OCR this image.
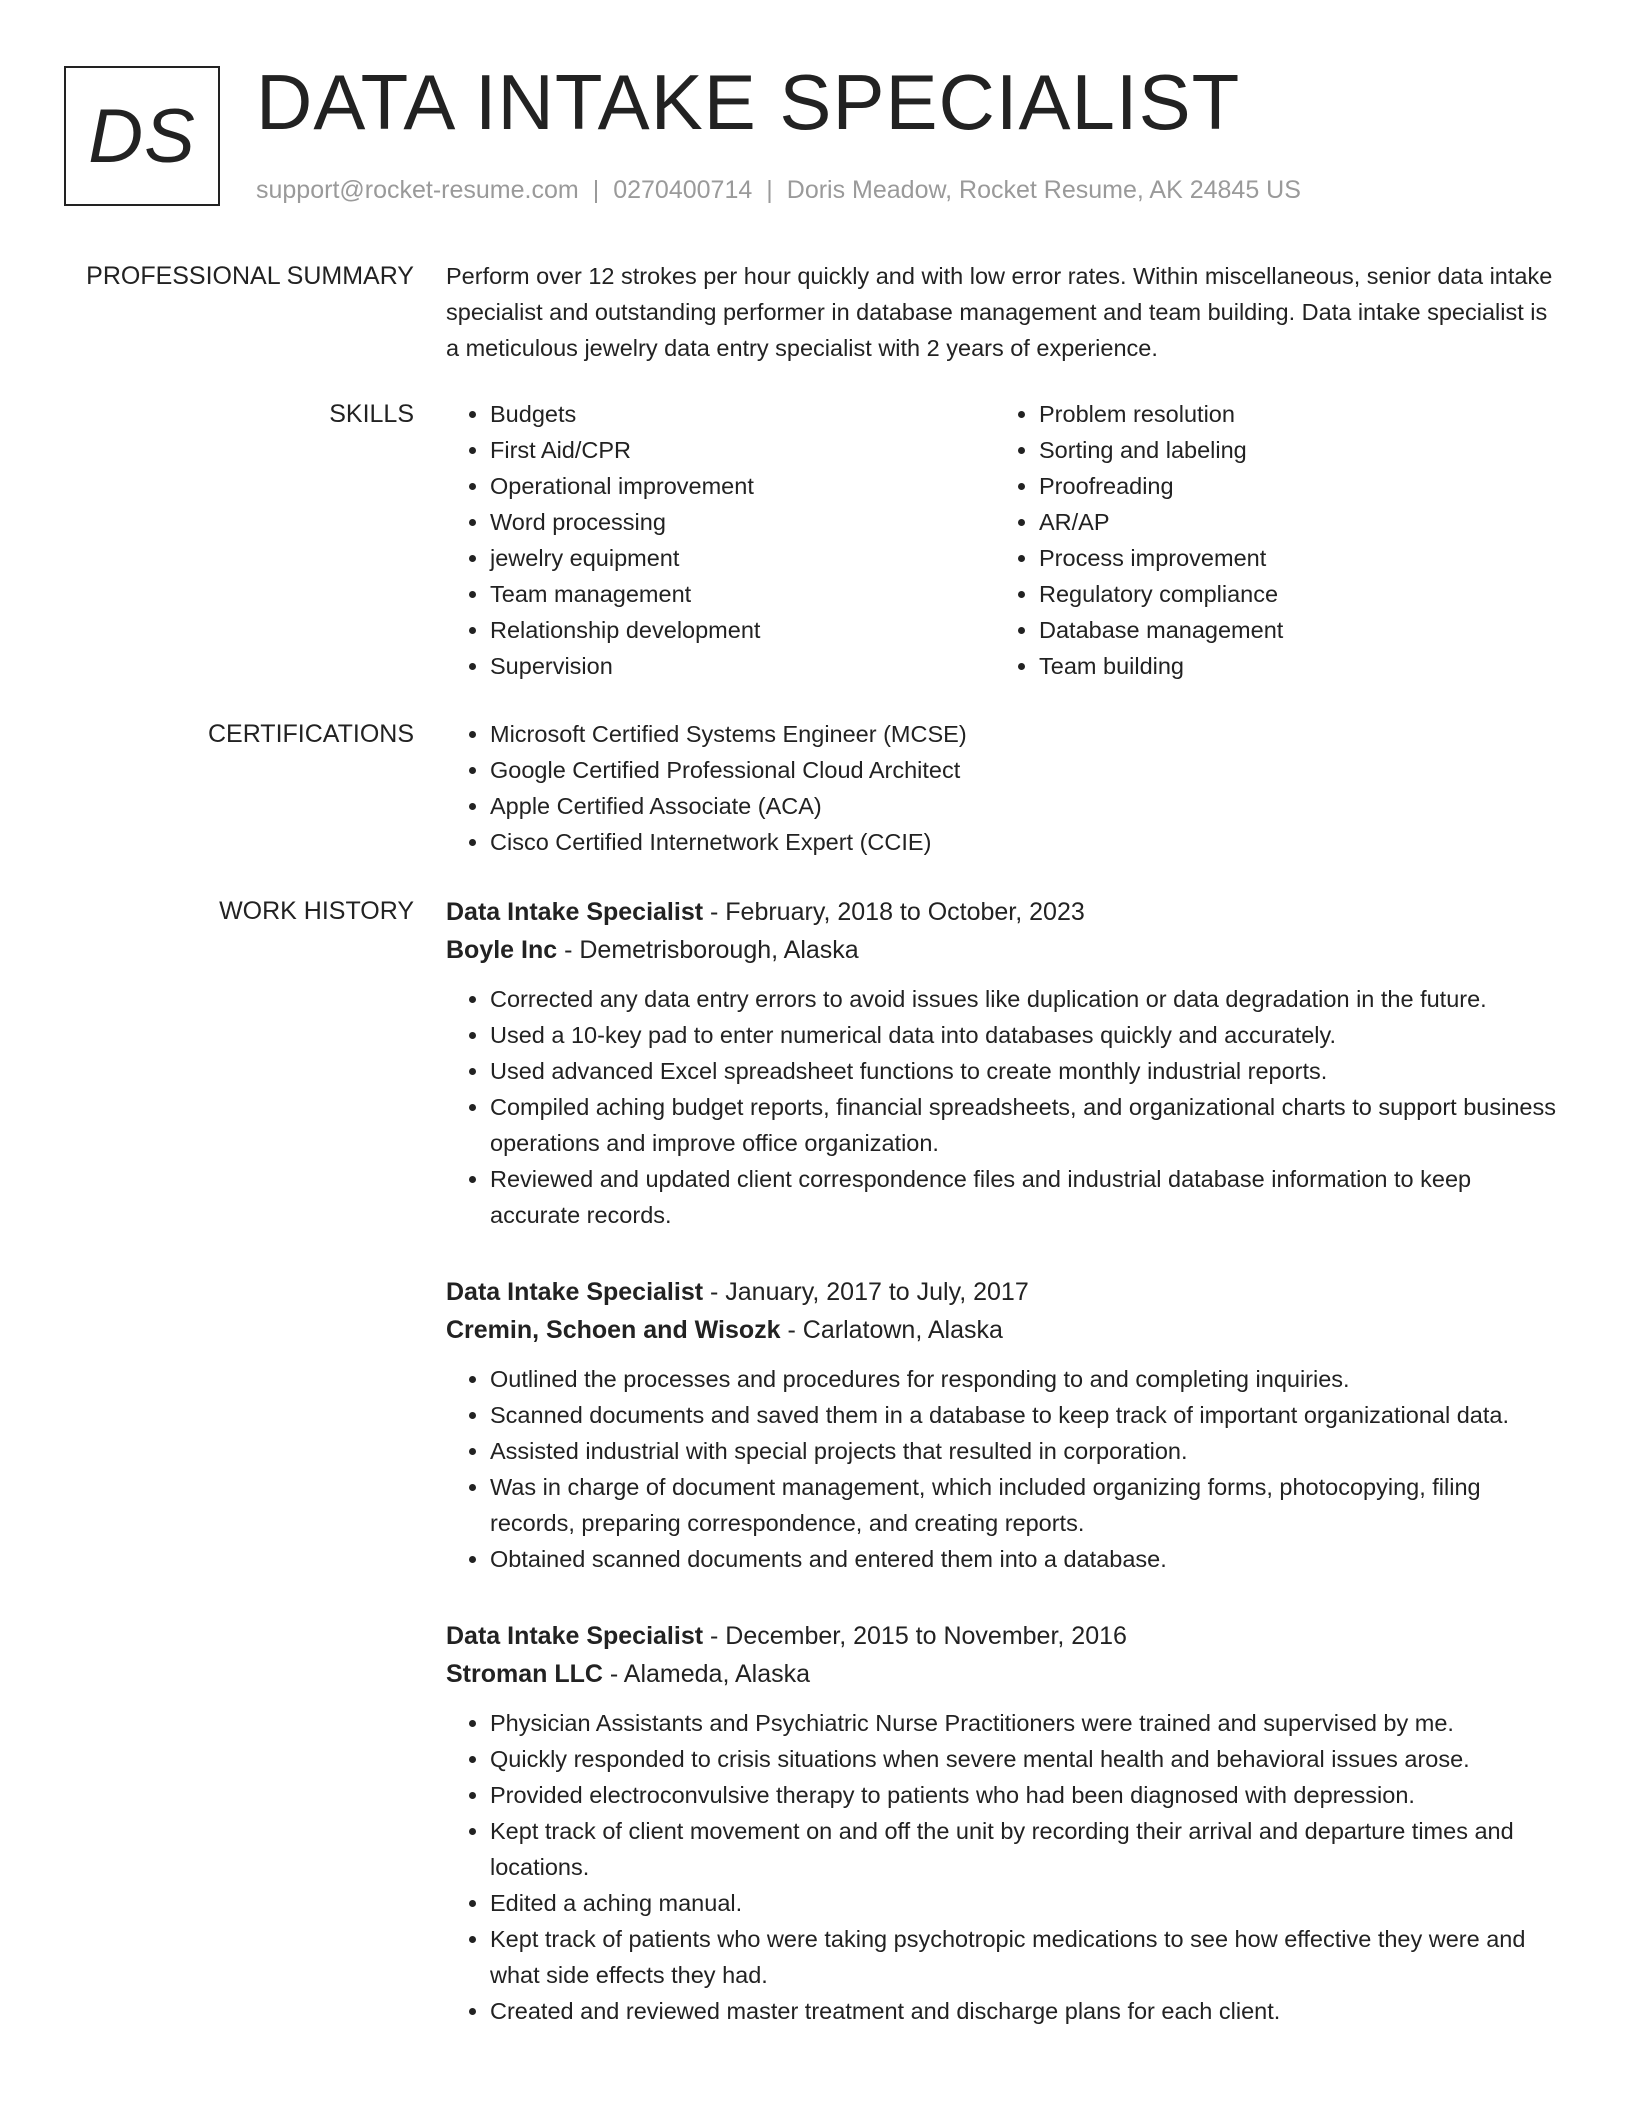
DS DATA INTAKE SPECIALIST
support@rocket-resume.com | 0270400714 | Doris Meadow, Rocket Resume, AK 24845 US
PROFESSIONAL SUMMARY Perform over 12 strokes per hour quickly and with low error rates. Within miscellaneous, senior data intake specialist and outstanding performer in database management and team building. Data intake specialist is a meticulous jewelry data entry specialist with 2 years of experience.

SKILLS	• Budgets
• First Aid/CPR
• Operational improvement
• Word processing
• jewelry equipment
• Team management
• Relationship development
• Supervision
• Problem resolution
• Sorting and labeling
• Proofreading
• AR/AP
• Process improvement
• Regulatory compliance
• Database management
• Team building
CERTIFICATIONS	• Microsoft Certified Systems Engineer (MCSE)
• Google Certified Professional Cloud Architect
• Apple Certified Associate (ACA)
• Cisco Certified Internetwork Expert (CCIE)
WORK HISTORY Data Intake Specialist - February, 2018 to October, 2023
Boyle Inc - Demetrisborough, Alaska
• Corrected any data entry errors to avoid issues like duplication or data degradation in the future.
• Used a 10-key pad to enter numerical data into databases quickly and accurately.
• Used advanced Excel spreadsheet functions to create monthly industrial reports.
• Compiled aching budget reports, financial spreadsheets, and organizational charts to support business operations and improve office organization.
• Reviewed and updated client correspondence files and industrial database information to keep accurate records.
Data Intake Specialist - January, 2017 to July, 2017
Cremin, Schoen and Wisozk - Carlatown, Alaska
• Outlined the processes and procedures for responding to and completing inquiries.
• Scanned documents and saved them in a database to keep track of important organizational data.
• Assisted industrial with special projects that resulted in corporation.
• Was in charge of document management, which included organizing forms, photocopying, filing records, preparing correspondence, and creating reports.
• Obtained scanned documents and entered them into a database.
Data Intake Specialist - December, 2015 to November, 2016
Stroman LLC - Alameda, Alaska
• Physician Assistants and Psychiatric Nurse Practitioners were trained and supervised by me.
• Quickly responded to crisis situations when severe mental health and behavioral issues arose.
• Provided electroconvulsive therapy to patients who had been diagnosed with depression.
• Kept track of client movement on and off the unit by recording their arrival and departure times and locations.
• Edited a aching manual.
• Kept track of patients who were taking psychotropic medications to see how effective they were and what side effects they had.
• Created and reviewed master treatment and discharge plans for each client.
